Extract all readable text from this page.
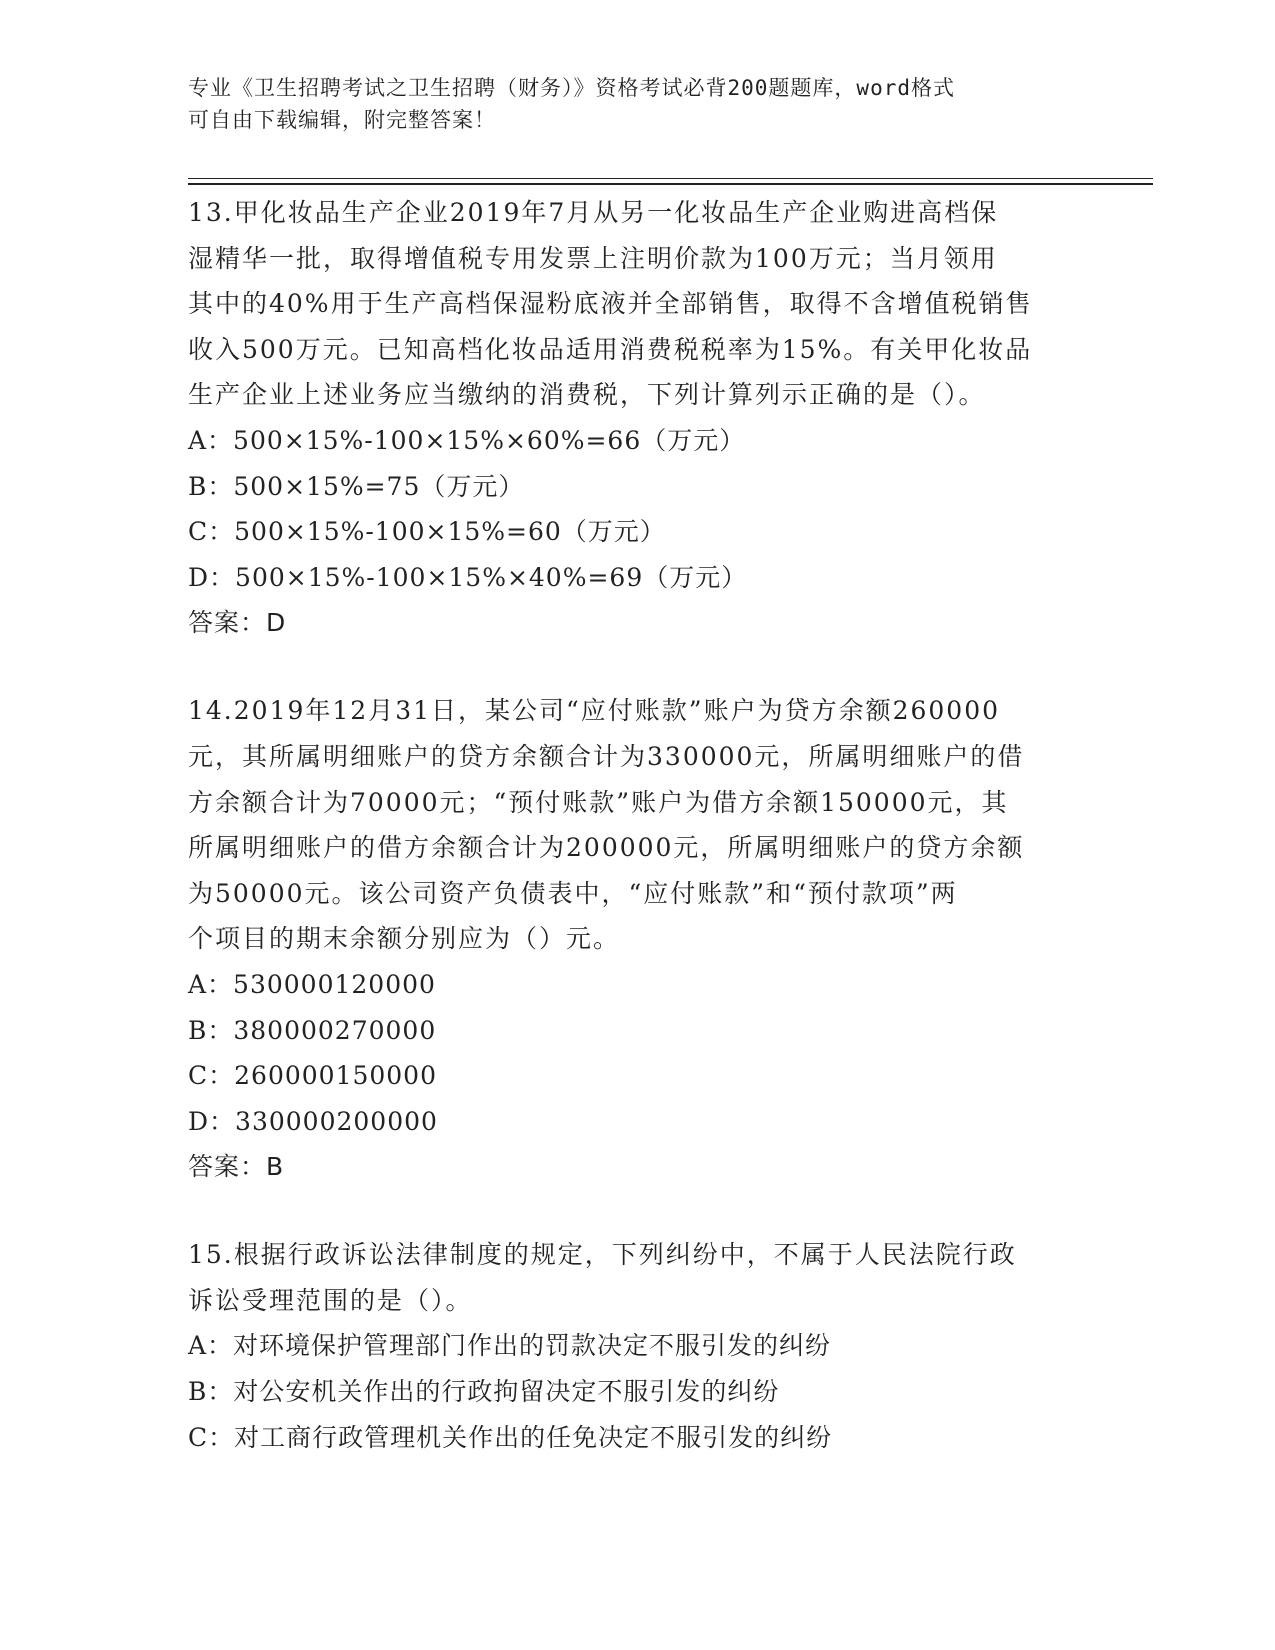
专业《卫生招聘考试之卫生招聘（财务）》资格考试必背200题题库，word格式
可自由下载编辑，附完整答案！

13.甲化妆品生产企业2019年7月从另一化妆品生产企业购进高档保

湿精华一批，取得增值税专用发票上注明价款为100万元；当月领用

其中的40%用于生产高档保湿粉底液并全部销售，取得不含增值税销售

收入500万元。已知高档化妆品适用消费税税率为15%。有关甲化妆品

生产企业上述业务应当缴纳的消费税，下列计算列示正确的是（）。

A：500×15%-100×15%×60%=66（万元）

B：500×15%=75（万元）

C：500×15%-100×15%=60（万元）

D：500×15%-100×15%×40%=69（万元）

答案：D

14.2019年12月31日，某公司“应付账款”账户为贷方余额260000

元，其所属明细账户的贷方余额合计为330000元，所属明细账户的借

方余额合计为70000元；“预付账款”账户为借方余额150000元，其

所属明细账户的借方余额合计为200000元，所属明细账户的贷方余额

为50000元。该公司资产负债表中，“应付账款”和“预付款项”两

个项目的期末余额分别应为（）元。

A：530000120000

B：380000270000

C：260000150000

D：330000200000

答案：B

15.根据行政诉讼法律制度的规定，下列纠纷中，不属于人民法院行政

诉讼受理范围的是（）。

A：对环境保护管理部门作出的罚款决定不服引发的纠纷

B：对公安机关作出的行政拘留决定不服引发的纠纷

C：对工商行政管理机关作出的任免决定不服引发的纠纷
